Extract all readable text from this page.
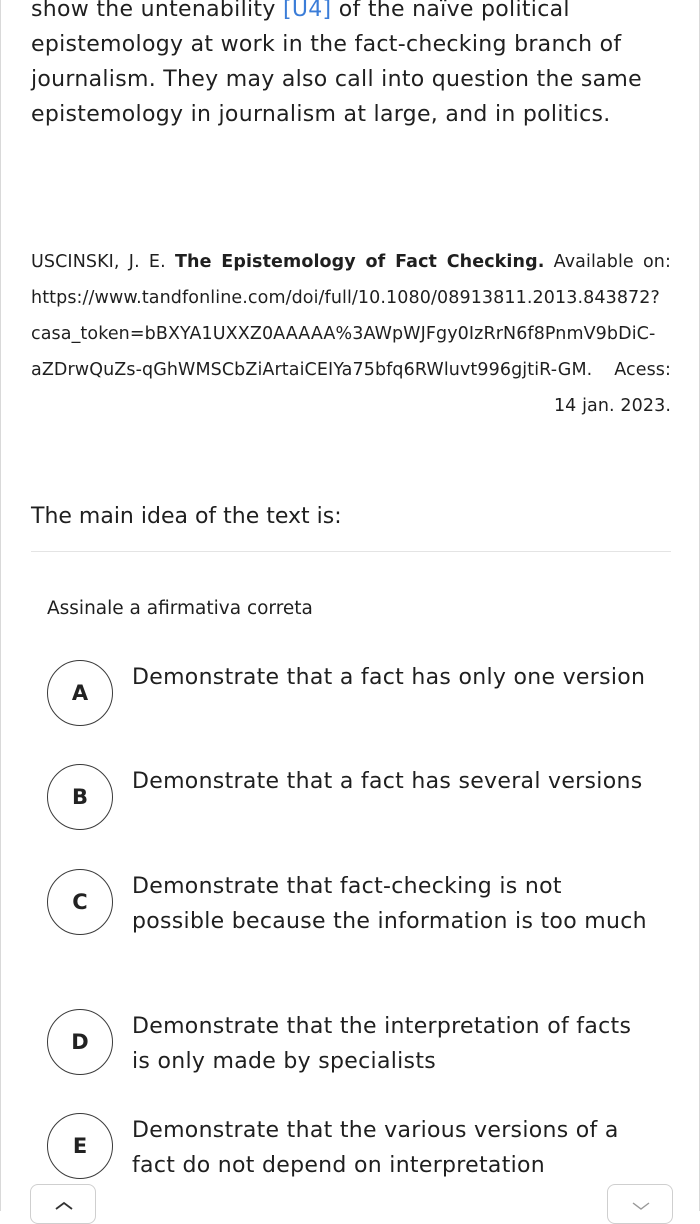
show the untenability [U4] of the naïve political epistemology at work in the fact-checking branch of journalism. They may also call into question the same epistemology in journalism at large, and in politics.

USCINSKI, J. E. The Epistemology of Fact Checking. Available on: https://www.tandfonline.com/doi/full/10.1080/08913811.2013.843872? casa_token=bBXYA1UXXZ0AAAAA%3AWpWJFgy0IzRrN6f8PnmV9bDiC-aZDrwQuZs-qGhWMSCbZiArtaiCEIYa75bfq6RWluvt996gjtiR-GM. Acess: 14 jan. 2023.

The main idea of the text is:

Assinale a afirmativa correta

A
Demonstrate that a fact has only one version
B
Demonstrate that a fact has several versions
C
Demonstrate that fact-checking is not possible because the information is too much
D
Demonstrate that the interpretation of facts is only made by specialists
E
Demonstrate that the various versions of a fact do not depend on interpretation
